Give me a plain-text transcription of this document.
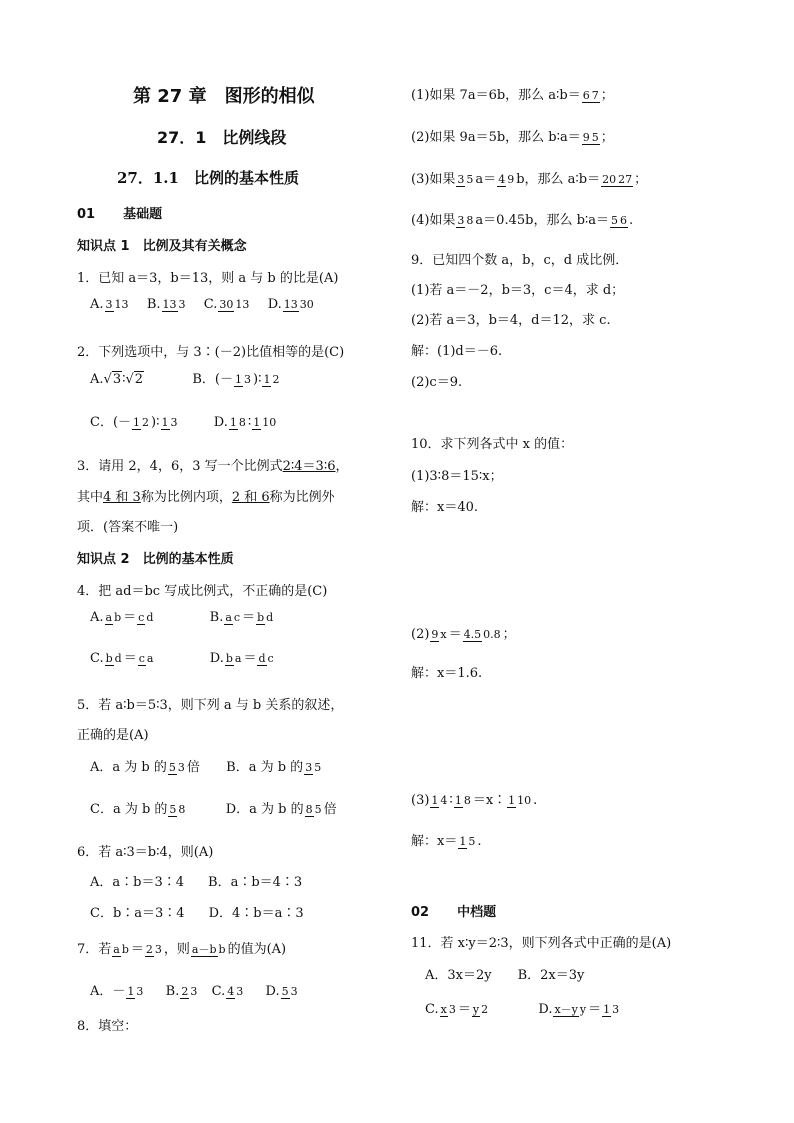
第 27 章　图形的相似
27．1　比例线段
27．1.1　比例的基本性质
01 基础题
知识点 1　比例及其有关概念
1．已知 a＝3，b＝13，则 a 与 b 的比是(A)
A. 3 13 B. 13 3 C. 30 13 D. 13 30
2．下列选项中，与 3∶(－2)比值相等的是(C)
A.√3∶√2	B．(－ 1 3 )∶ 1 2
C．(－ 1 2 )∶ 1 3	D. 1 8 ∶ 1 10
3．请用 2，4，6，3 写一个比例式2∶4＝3∶6，
其中4 和 3称为比例内项，2 和 6称为比例外
项．(答案不唯一)
知识点 2　比例的基本性质
4．把 ad＝bc 写成比例式，不正确的是(C)
A. a b ＝ c d	B. a c ＝ b d
C. b d ＝ c a	D. b a ＝ d c
5．若 a∶b＝5∶3，则下列 a 与 b 关系的叙述，
正确的是(A)
A．a 为 b 的 5 3 倍 B．a 为 b 的 3 5
C．a 为 b 的 5 8	D．a 为 b 的 8 5 倍
6．若 a∶3＝b∶4，则(A)
A．a∶b＝3∶4 B．a∶b＝4∶3
C．b∶a＝3∶4 D．4∶b＝a∶3
7．若 a b ＝ 2 3 ，则 a－b b 的值为(A)
A．－ 1 3 B. 2 3 C. 4 3 D. 5 3
8．填空：
(1)如果 7a＝6b，那么 a∶b＝ 6 7 ；
(2)如果 9a＝5b，那么 b∶a＝ 9 5 ；
(3)如果 3 5 a＝ 4 9 b，那么 a∶b＝ 20 27 ；
(4)如果 3 8 a＝0.45b，那么 b∶a＝ 5 6 .
9．已知四个数 a，b，c，d 成比例．
(1)若 a＝－2，b＝3，c＝4，求 d；
(2)若 a＝3，b＝4，d＝12，求 c.
解：(1)d＝－6.
(2)c＝9.
10．求下列各式中 x 的值：
(1)3∶8＝15∶x；
解：x＝40.
(2) 9 x ＝ 4.5 0.8 ；
解：x＝1.6.
(3) 1 4 ∶ 1 8 ＝x∶ 1 10 .
解：x＝ 1 5 .
02 中档题
11．若 x∶y＝2∶3，则下列各式中正确的是(A)
A．3x＝2y B．2x＝3y
C. x 3 ＝ y 2	D. x－y y ＝ 1 3
